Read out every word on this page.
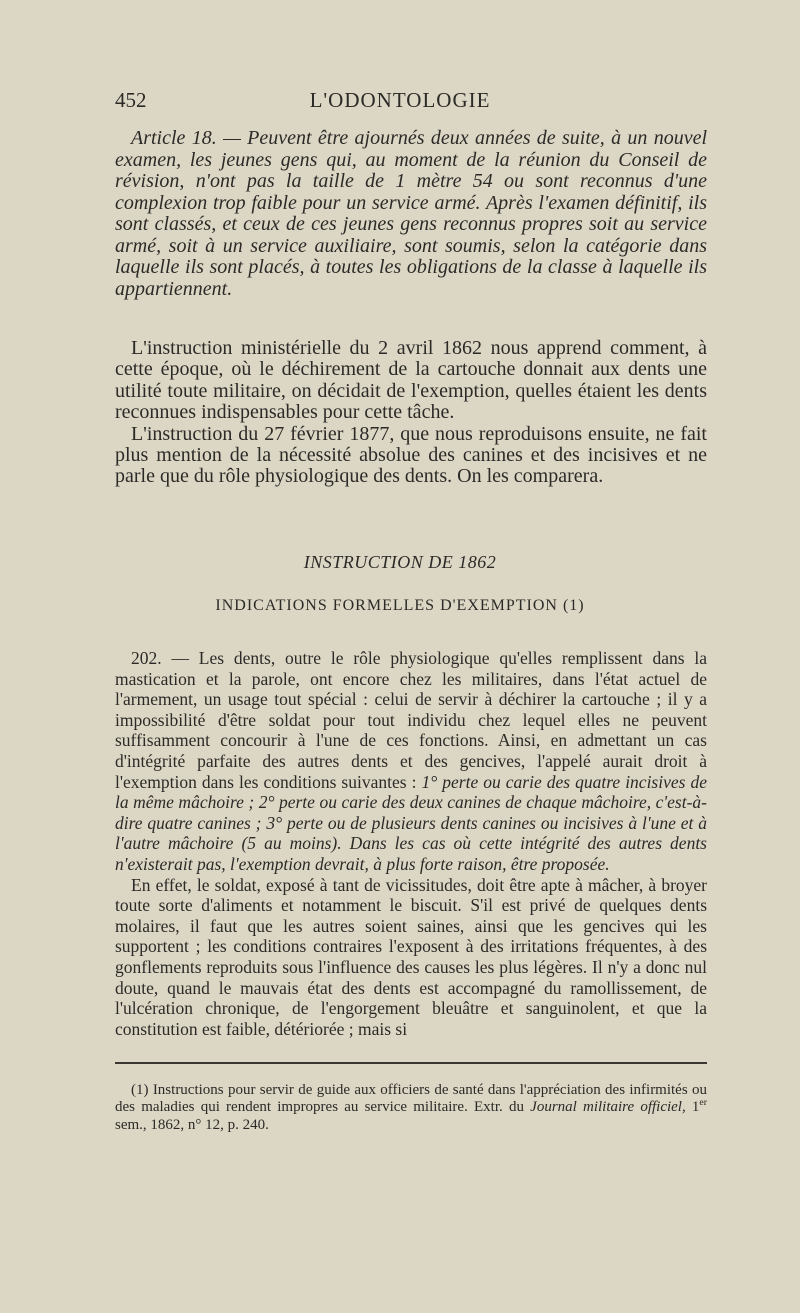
452	L'ODONTOLOGIE

Article 18. — Peuvent être ajournés deux années de suite, à un nouvel examen, les jeunes gens qui, au moment de la réunion du Conseil de révision, n'ont pas la taille de 1 mètre 54 ou sont reconnus d'une complexion trop faible pour un service armé. Après l'examen définitif, ils sont classés, et ceux de ces jeunes gens reconnus propres soit au service armé, soit à un service auxiliaire, sont soumis, selon la catégorie dans laquelle ils sont placés, à toutes les obligations de la classe à laquelle ils appartiennent.

L'instruction ministérielle du 2 avril 1862 nous apprend comment, à cette époque, où le déchirement de la cartouche donnait aux dents une utilité toute militaire, on décidait de l'exemption, quelles étaient les dents reconnues indispensables pour cette tâche.

L'instruction du 27 février 1877, que nous reproduisons ensuite, ne fait plus mention de la nécessité absolue des canines et des incisives et ne parle que du rôle physiologique des dents. On les comparera.

INSTRUCTION DE 1862
INDICATIONS FORMELLES D'EXEMPTION (1)

202. — Les dents, outre le rôle physiologique qu'elles remplissent dans la mastication et la parole, ont encore chez les militaires, dans l'état actuel de l'armement, un usage tout spécial : celui de servir à déchirer la cartouche ; il y a impossibilité d'être soldat pour tout individu chez lequel elles ne peuvent suffisamment concourir à l'une de ces fonctions. Ainsi, en admettant un cas d'intégrité parfaite des autres dents et des gencives, l'appelé aurait droit à l'exemption dans les conditions suivantes : 1° perte ou carie des quatre incisives de la même mâchoire ; 2° perte ou carie des deux canines de chaque mâchoire, c'est-à-dire quatre canines ; 3° perte ou de plusieurs dents canines ou incisives à l'une et à l'autre mâchoire (5 au moins). Dans les cas où cette intégrité des autres dents n'existerait pas, l'exemption devrait, à plus forte raison, être proposée.

En effet, le soldat, exposé à tant de vicissitudes, doit être apte à mâcher, à broyer toute sorte d'aliments et notamment le biscuit. S'il est privé de quelques dents molaires, il faut que les autres soient saines, ainsi que les gencives qui les supportent ; les conditions contraires l'exposent à des irritations fréquentes, à des gonflements reproduits sous l'influence des causes les plus légères. Il n'y a donc nul doute, quand le mauvais état des dents est accompagné du ramollissement, de l'ulcération chronique, de l'engorgement bleuâtre et sanguinolent, et que la constitution est faible, détériorée ; mais si

(1) Instructions pour servir de guide aux officiers de santé dans l'appréciation des infirmités ou des maladies qui rendent impropres au service militaire. Extr. du Journal militaire officiel, 1er sem., 1862, n° 12, p. 240.
